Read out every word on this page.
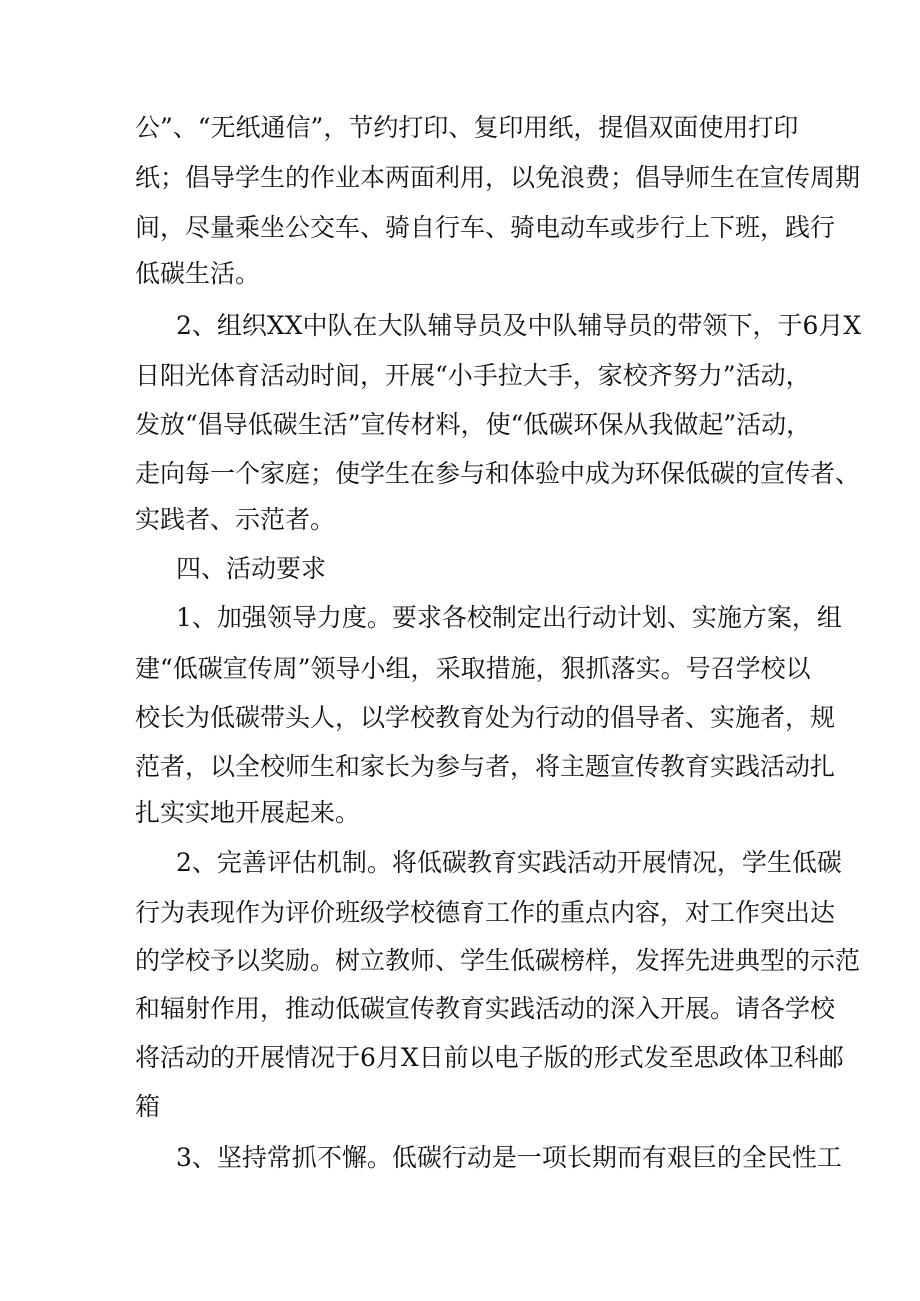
公”、“无纸通信”，节约打印、复印用纸，提倡双面使用打印

纸；倡导学生的作业本两面利用，以免浪费；倡导师生在宣传周期

间，尽量乘坐公交车、骑自行车、骑电动车或步行上下班，践行

低碳生活。

2、组织XX中队在大队辅导员及中队辅导员的带领下，于6月X

日阳光体育活动时间，开展“小手拉大手，家校齐努力”活动，

发放“倡导低碳生活”宣传材料，使“低碳环保从我做起”活动，

走向每一个家庭；使学生在参与和体验中成为环保低碳的宣传者、

实践者、示范者。

四、活动要求

1、加强领导力度。要求各校制定出行动计划、实施方案，组

建“低碳宣传周”领导小组，采取措施，狠抓落实。号召学校以

校长为低碳带头人，以学校教育处为行动的倡导者、实施者，规

范者，以全校师生和家长为参与者，将主题宣传教育实践活动扎

扎实实地开展起来。

2、完善评估机制。将低碳教育实践活动开展情况，学生低碳

行为表现作为评价班级学校德育工作的重点内容，对工作突出达

的学校予以奖励。树立教师、学生低碳榜样，发挥先进典型的示范

和辐射作用，推动低碳宣传教育实践活动的深入开展。请各学校

将活动的开展情况于6月X日前以电子版的形式发至思政体卫科邮

箱

3、坚持常抓不懈。低碳行动是一项长期而有艰巨的全民性工
